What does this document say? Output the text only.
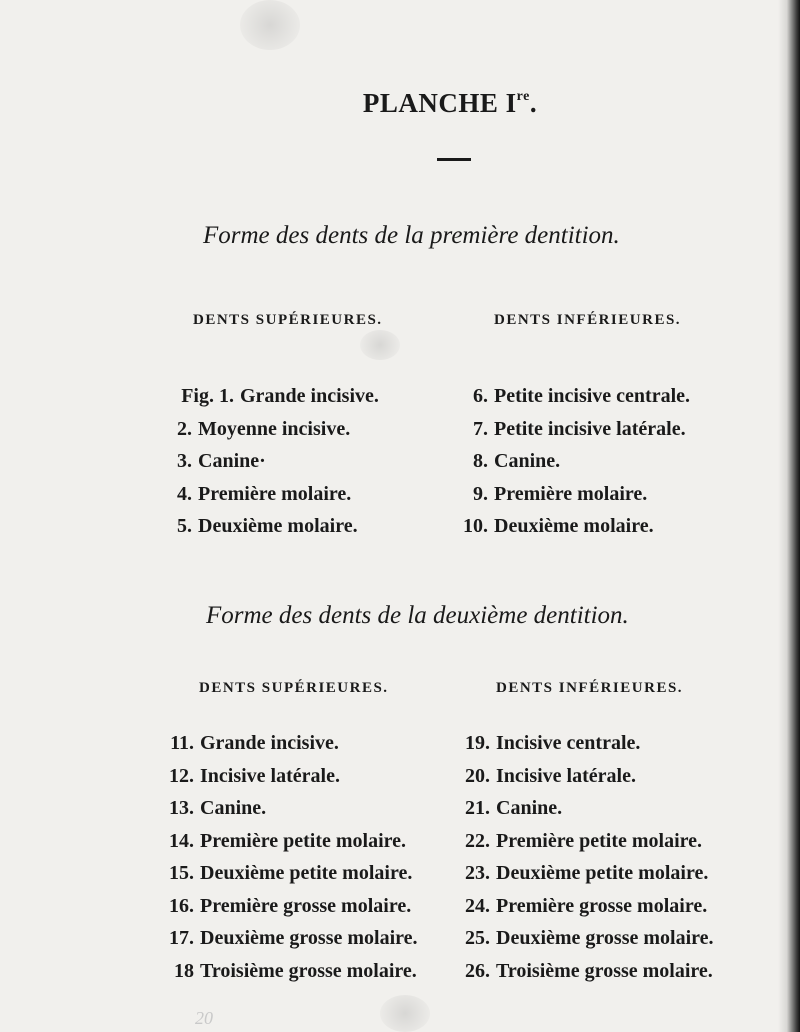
PLANCHE Ire.
Forme des dents de la première dentition.
DENTS SUPÉRIEURES.	DENTS INFÉRIEURES.
Fig. 1. Grande incisive.
2. Moyenne incisive.
3. Canine·
4. Première molaire.
5. Deuxième molaire.
6. Petite incisive centrale.
7. Petite incisive latérale.
8. Canine.
9. Première molaire.
10. Deuxième molaire.
Forme des dents de la deuxième dentition.
DENTS SUPÉRIEURES.	DENTS INFÉRIEURES.
11. Grande incisive.
12. Incisive latérale.
13. Canine.
14. Première petite molaire.
15. Deuxième petite molaire.
16. Première grosse molaire.
17. Deuxième grosse molaire.
18 Troisième grosse molaire.
19. Incisive centrale.
20. Incisive latérale.
21. Canine.
22. Première petite molaire.
23. Deuxième petite molaire.
24. Première grosse molaire.
25. Deuxième grosse molaire.
26. Troisième grosse molaire.
20
